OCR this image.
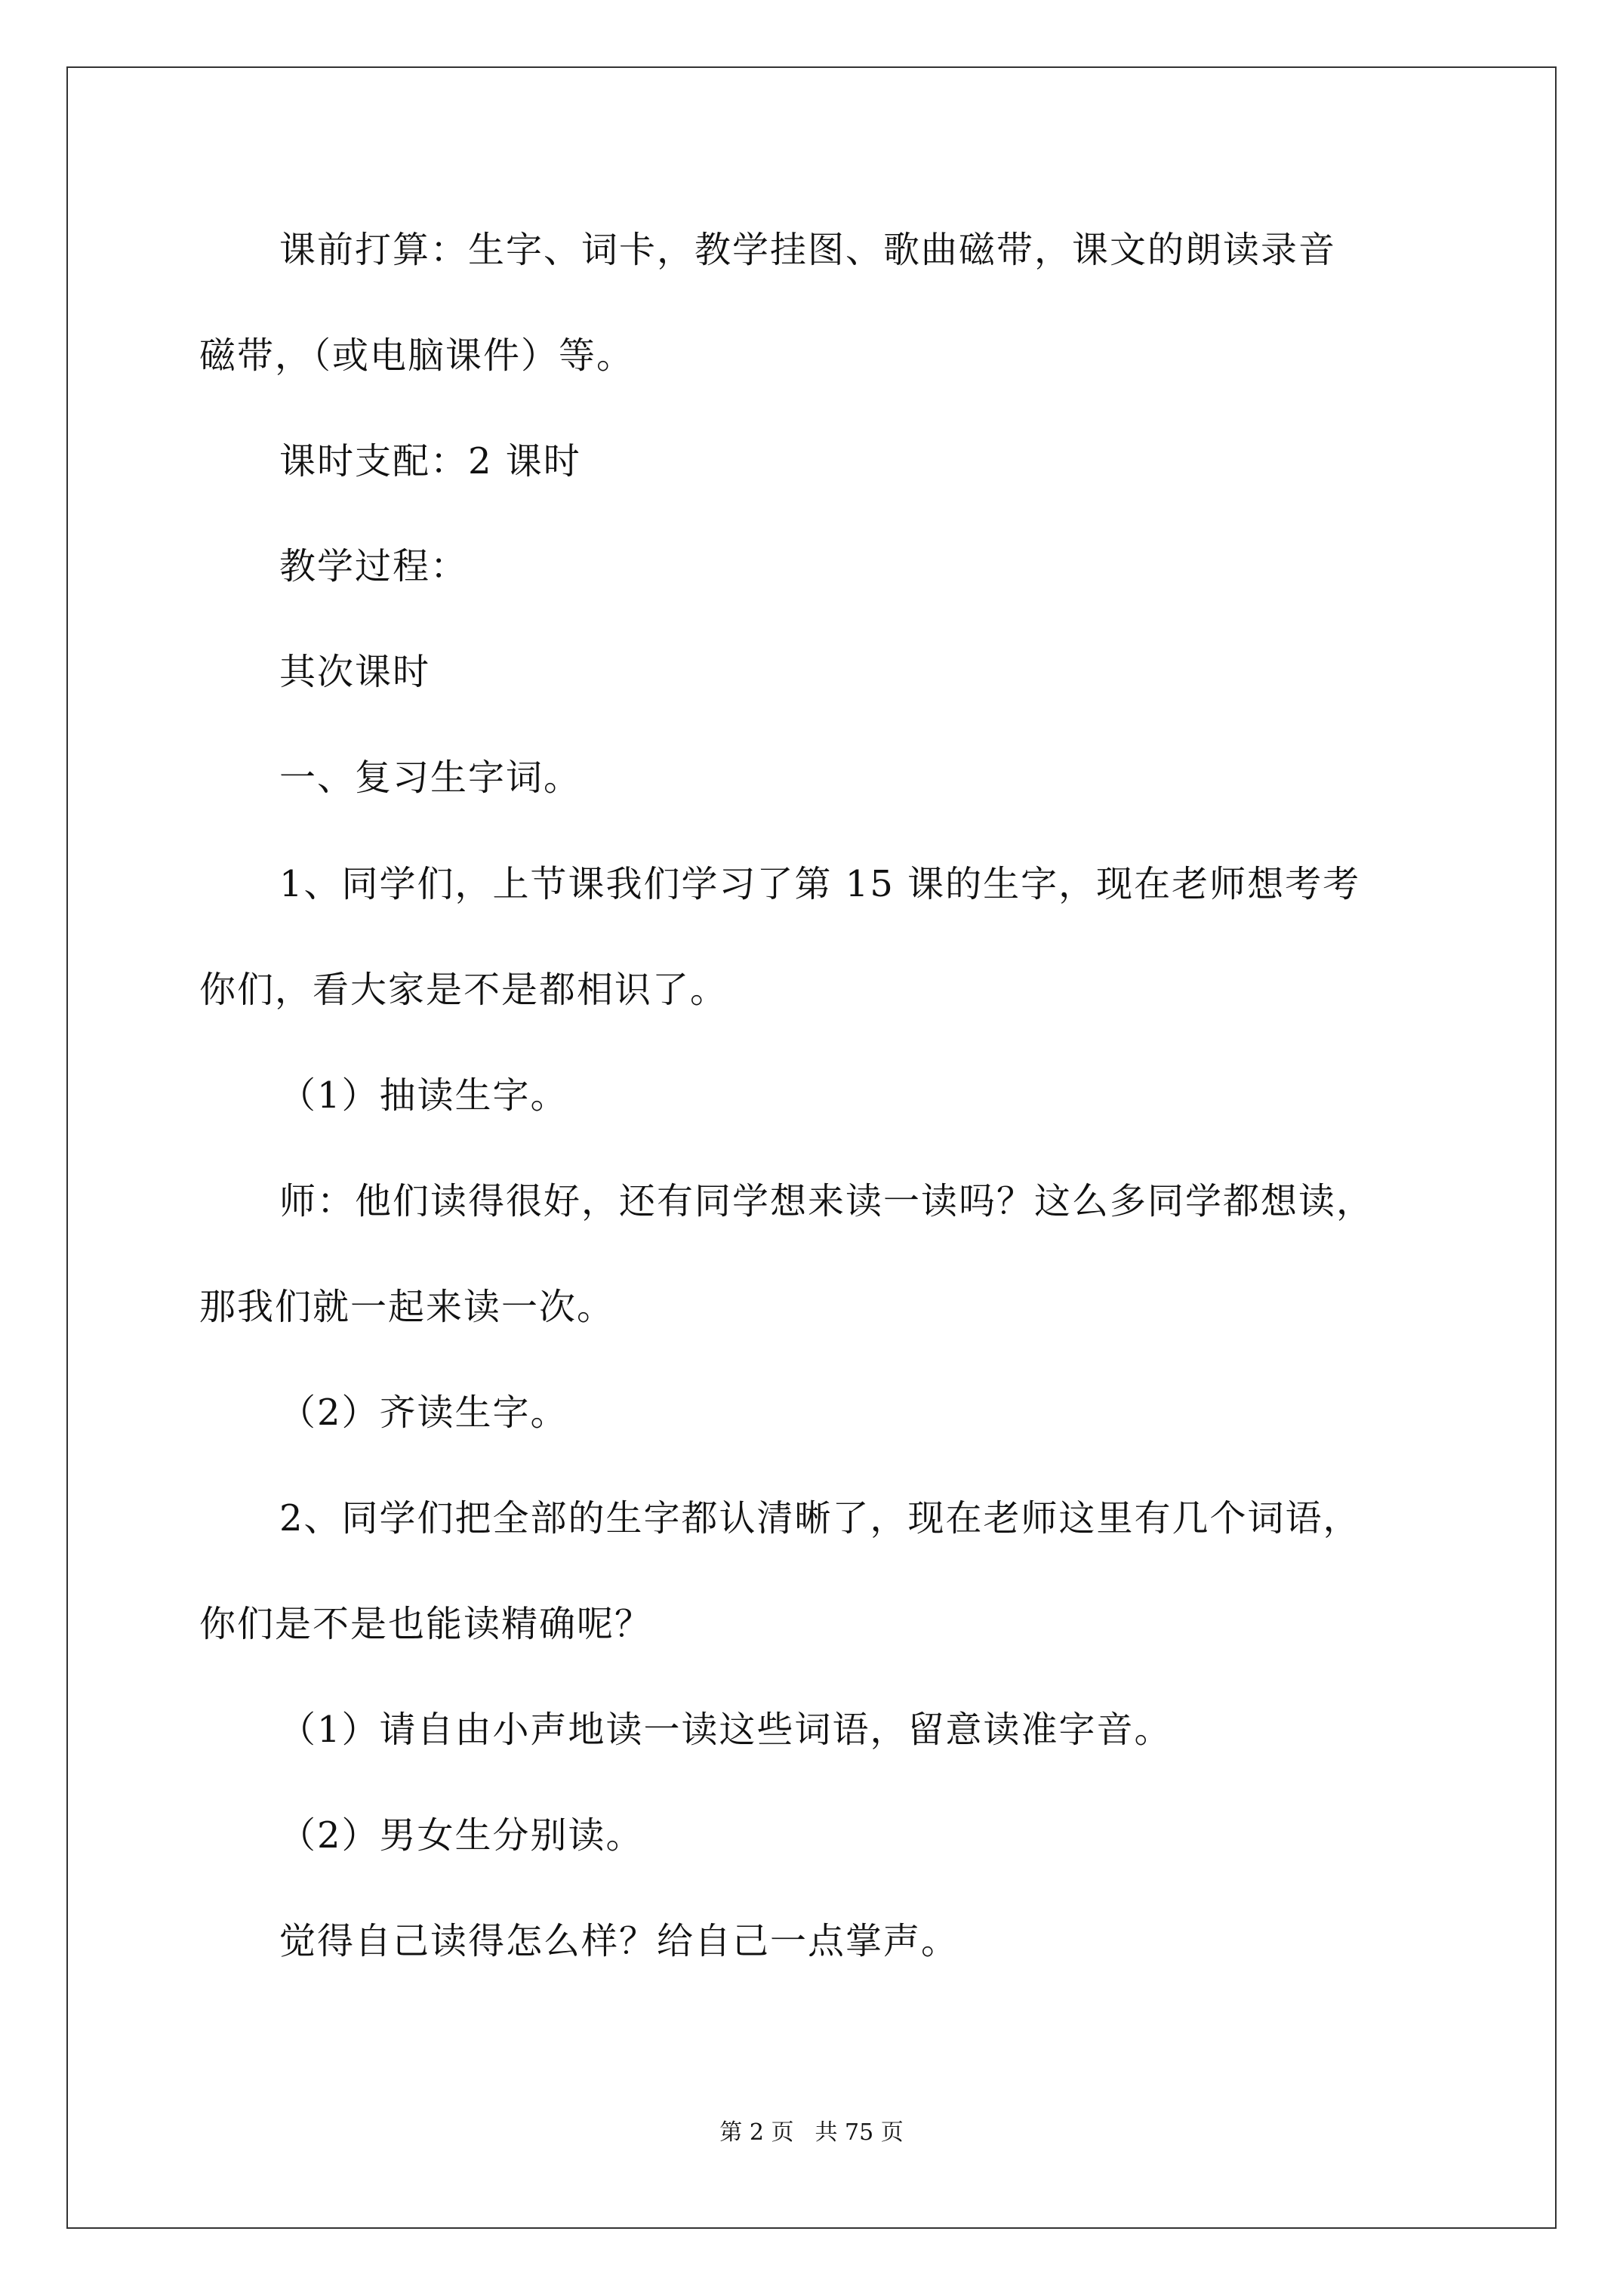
课前打算：生字、词卡，教学挂图、歌曲磁带，课文的朗读录音
磁带，（或电脑课件）等。
课时支配：2 课时
教学过程：
其次课时
一、复习生字词。
1、同学们，上节课我们学习了第 15 课的生字，现在老师想考考
你们，看大家是不是都相识了。
（1）抽读生字。
师：他们读得很好，还有同学想来读一读吗？这么多同学都想读，
那我们就一起来读一次。
（2）齐读生字。
2、同学们把全部的生字都认清晰了，现在老师这里有几个词语，
你们是不是也能读精确呢？
（1）请自由小声地读一读这些词语，留意读准字音。
（2）男女生分别读。
觉得自己读得怎么样？给自己一点掌声。
第 2 页 共 75 页
